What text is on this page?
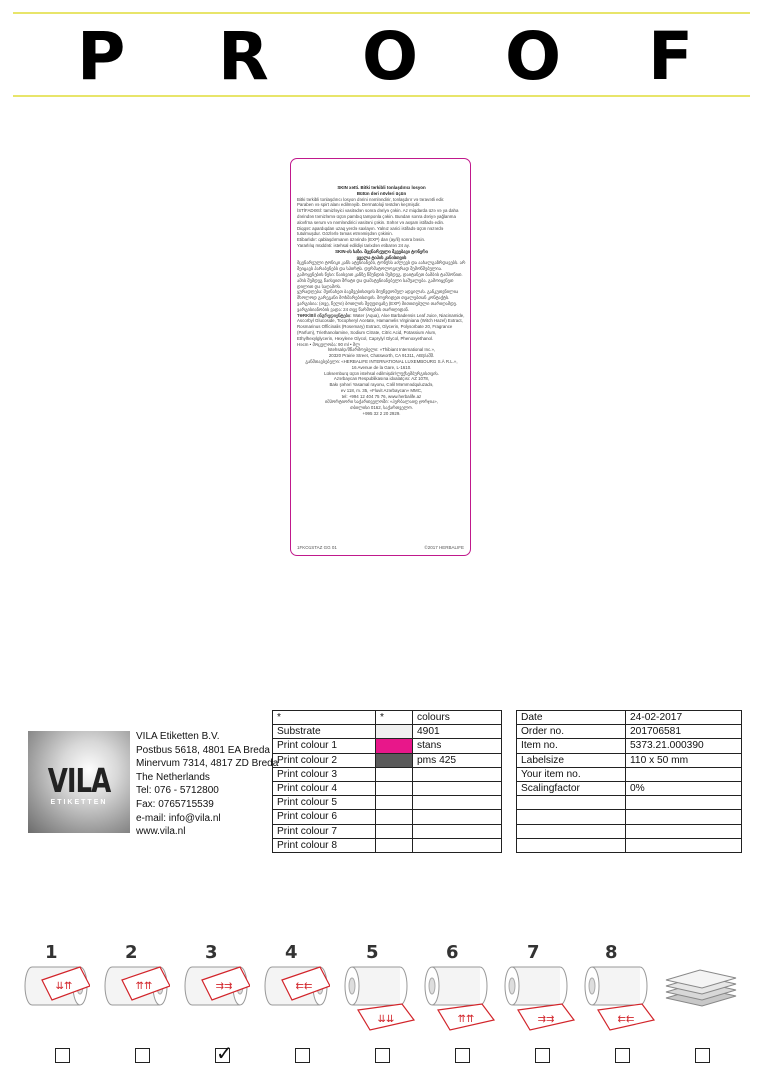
P R O O F
SKIN xətti. Bitki tərkibli tonlaşdırıcı losyon
Bütün dəri növləri üçün
Bitki tərkibli tonlaşdırıcı losyon dərini nəmləndirir, tonlaşdırır və təravətli edir.
Paraben və spirt alanı edilməyib. Dermatoloji testdən keçmişdir.
İSTİFADƏSİ: tamizləyici vasitədən sonra dəriyə çəkin. Az miqdarda üzə və ya daha dərindən təmizləmə üçün pambıq tamponla çəkin. Bundan sonra dəriyə yağlanma alovfrna serum və nəmləndirici vasitəni çəkin. Səhər və axşam istifadə edin.
Diqqət: apardıqdan uzaq yerdə saxlayın. Yalnız xarici istifadə üçün nəzərdə tutulmuşdur. Gözlərlə təmas etməmişdən çəkinin.
Etibarlıdır: qablaşdırmanın üzərində (EXP) dan (ay/il) sonra bəsin.
Yararlılıq müddəti: istehsal edildiyi tarixdən etibarən 24 ay.
SKIN-ის ხაზი. მცენარეული მკვებავი ტონერი
ყველა ტიპის კანისთვის
მცენარეული ტონიკი კანს ატენიანებს, ტონუსს აძლევს და აახალგაზრდავებს. არ შეიცავს პარაბენებს და სპირტს. დერმატოლოგიურად შემოწმებულია.
გამოყენების წესი: წაისვით კანზე წმენდის შემდეგ. დაიტანეთ ბამბის ტამპონით. ამის შემდეგ წაისვით შრატი და დამატენიანებელი საშუალება. გამოიყენეთ დილით და საღამოს.
ყურადღება: შეინახეთ ბავშვებისთვის მიუწვდომელ ადგილას. განკუთვნილია მხოლოდ გარეგანი მოხმარებისთვის. მოერიდეთ თვალებთან კონტაქტს.
ვარგისია: (თვე, წელი) ბოთლის შეფუთვაზე (EXP) მითითებული თარიღამდე.
ვარგისიანობის ვადა: 24 თვე წარმოების თარიღიდან.
TƏRKİBİ/ ინგრედიენტები: Water (Aqua), Aloe Barbadensis Leaf Juice, Niacinamide, Ascorbyl Glucoside, Tocopheryl Acetate, Hamamelis Virginiana (Witch Hazel) Extract, Rosmarinus Officinalis (Rosemary) Extract, Glycerin, Polysorbate 20, Fragrance (Parfum), Triethanolamine, Sodium Citrate, Citric Acid, Potassium Alum, Ethylhexylglycerin, Hexylene Glycol, Caprylyl Glycol, Phenoxyethanol.
Həcm • მოცულობა: 90 ml • მლ
İstehsalçı/მწარმოებელი: «Thibiant International Inc.»,
20320 Prairie Street, Chatsworth, CA 91311, ABŞ/აშშ.
განმთავსებელი: «HERBALIFE INTERNATIONAL LUXEMBOURG S.À R.L.»,
16 Avenue de la Gare, L-1610.
Lüksemburq üçün istehsal edilmişdir/ლუქსემბურგისთვის.
Azərbaycan Respublikasına idxalatçısı: AZ 1078,
Bakı şəhəri Yasamal rayonu, Cəlil Məmmədquluzadə,
ev 118, m. 35, «Fluvit Azərbaycan» MMC,
tel: +994 12 404 75 76, www.herbalife.az
იმპორტიორი საქართველოში: «ჰერბალაიფ ჯორჯია»,
თბილისი 0162, საქართველო.
+995 32 2 20 2929.
1FKO1STAZ GG 01	©2017 HERBALIFE
VILA
ETIKETTEN
VILA Etiketten B.V.
Postbus 5618, 4801 EA Breda
Minervum 7314, 4817 ZD Breda
The Netherlands
Tel: 076 - 5712800
Fax: 0765715539
e-mail: info@vila.nl
www.vila.nl
*	*	colours
Substrate		4901
Print colour 1		stans
Print colour 2		pms 425
Print colour 3		
Print colour 4		
Print colour 5		
Print colour 6		
Print colour 7		
Print colour 8		
Date	24-02-2017
Order no.	201706581
Item no.	5373.21.000390
Labelsize	110 x 50 mm
Your item no.	
Scalingfactor	0%

1	2	3	4	5	6	7	8
⇊⇈	⇈⇈	⇉⇉	⇇⇇
⇊⇊	⇈⇈	⇉⇉	⇇⇇
✓
